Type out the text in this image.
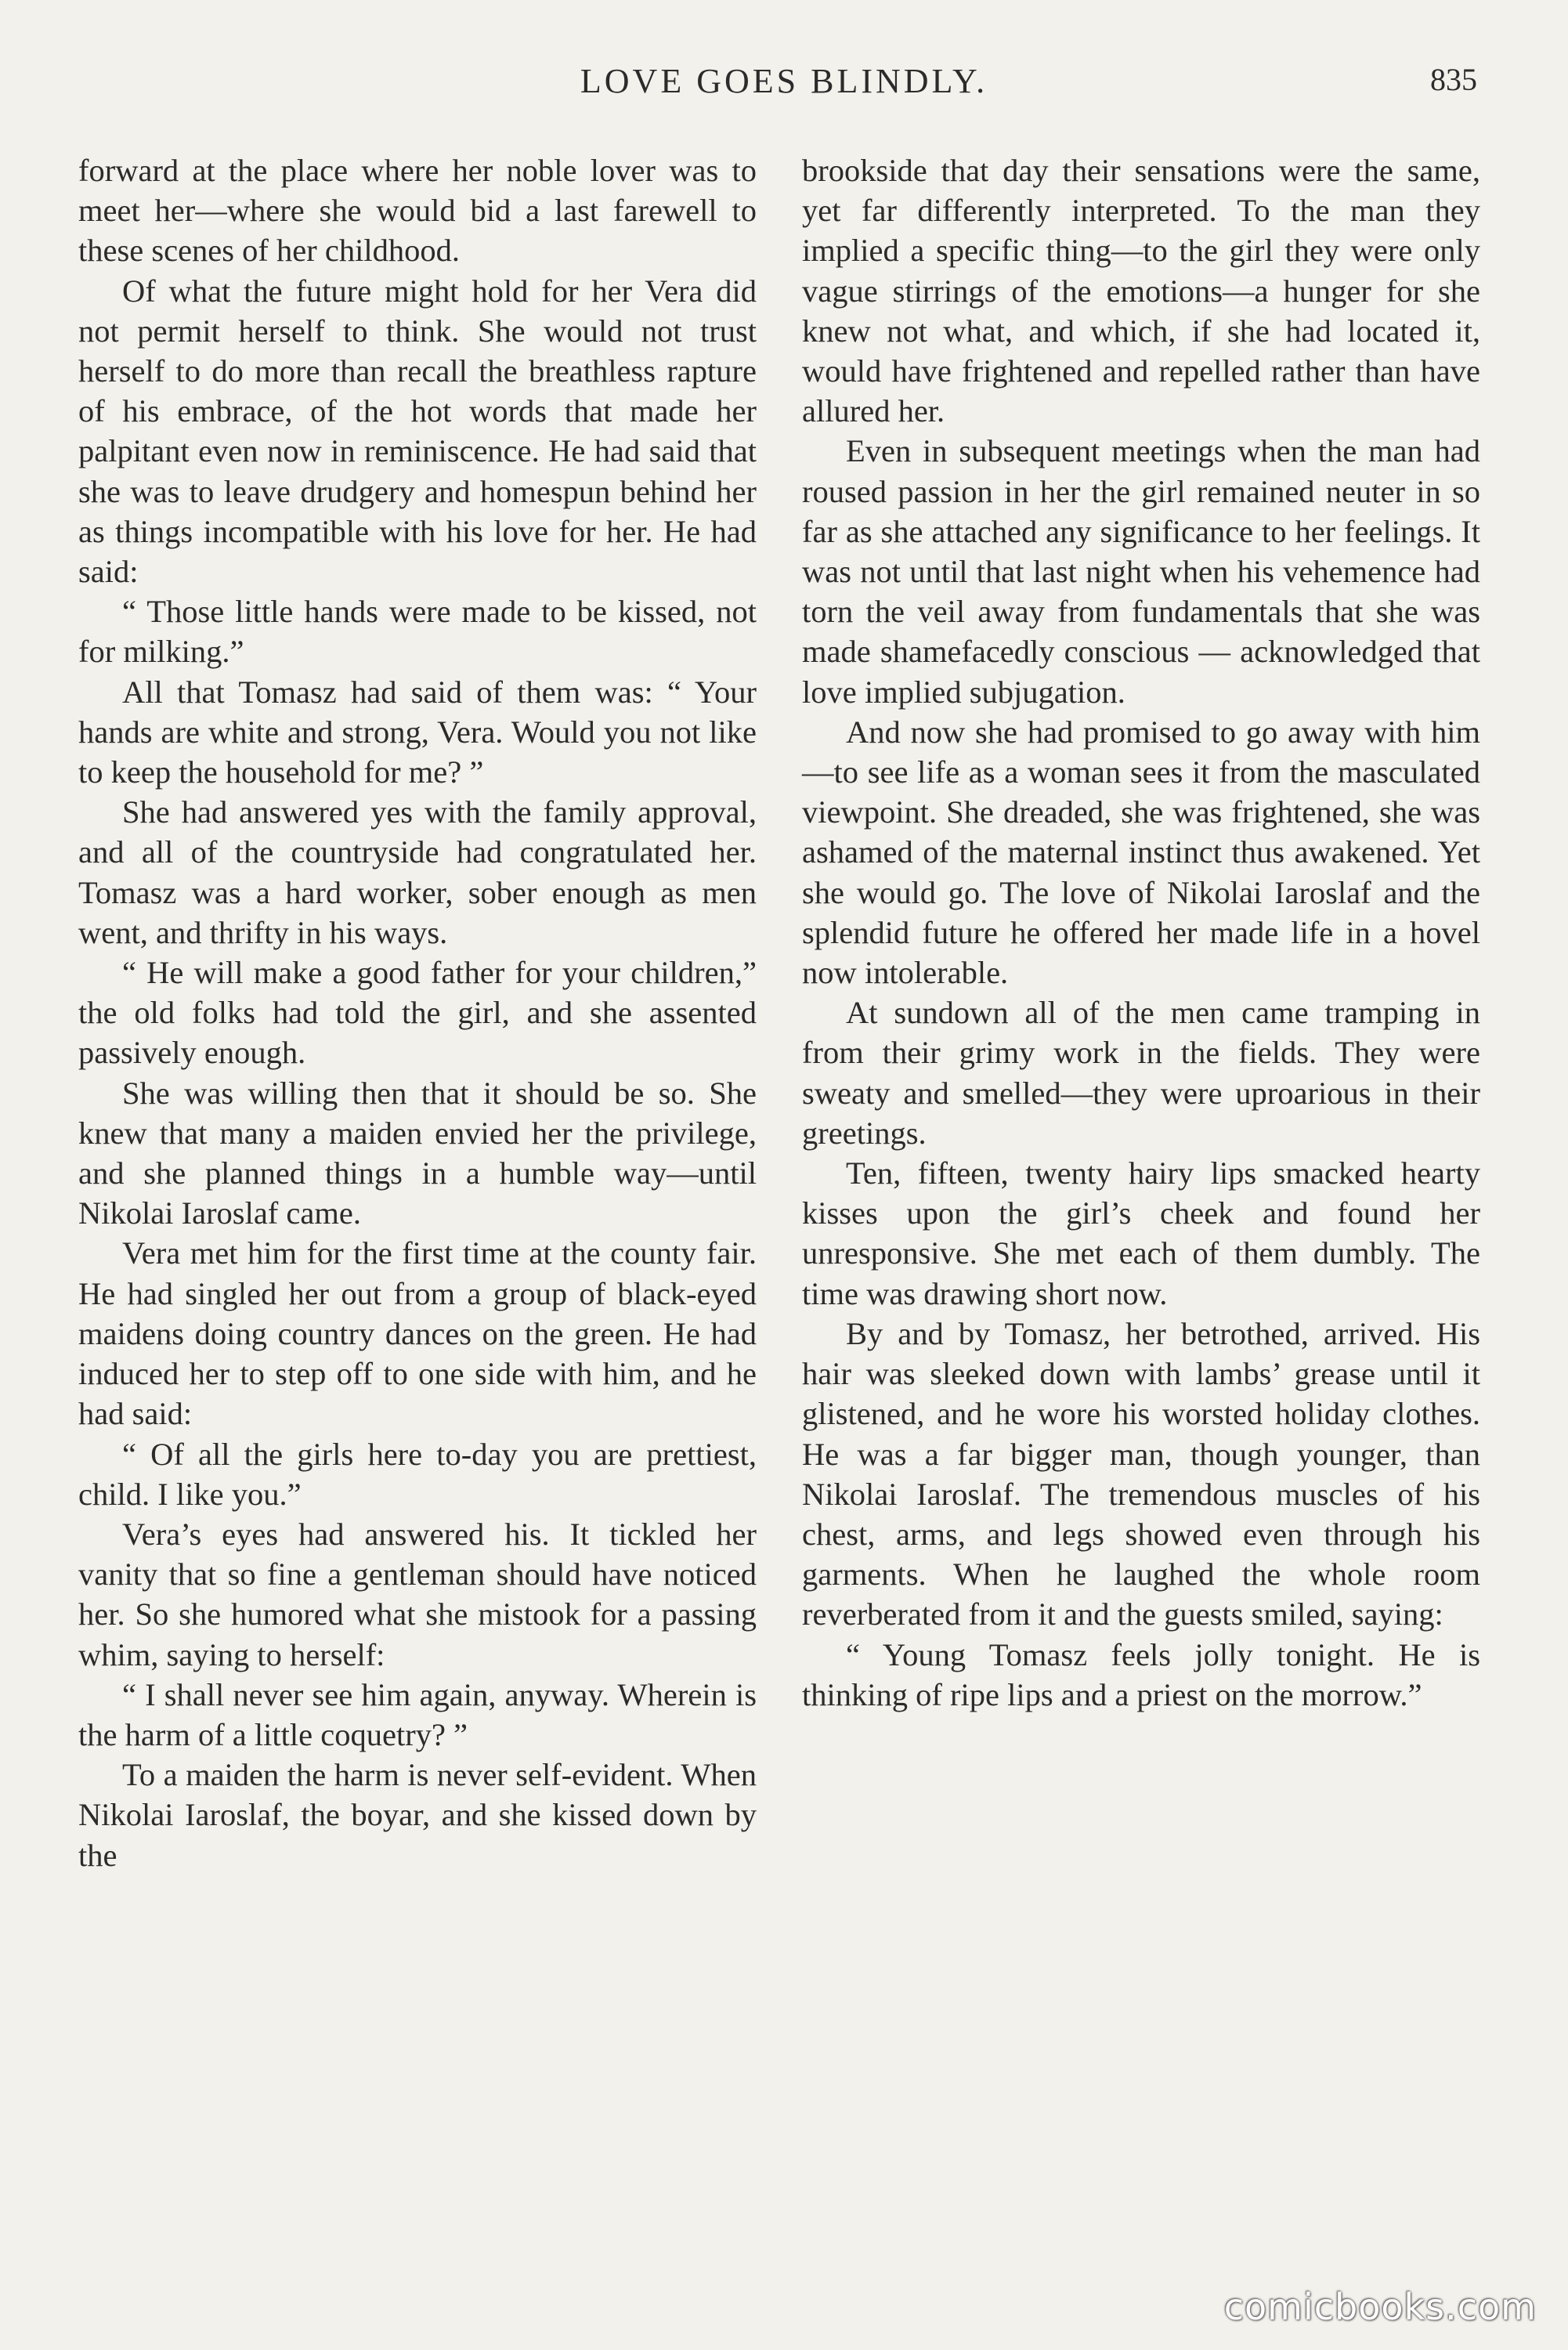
LOVE GOES BLINDLY.	835

forward at the place where her noble lover was to meet her—where she would bid a last farewell to these scenes of her childhood.

Of what the future might hold for her Vera did not permit herself to think. She would not trust herself to do more than recall the breathless rapture of his embrace, of the hot words that made her palpitant even now in reminiscence. He had said that she was to leave drudgery and homespun behind her as things incompatible with his love for her. He had said:

“ Those little hands were made to be kissed, not for milking.”

All that Tomasz had said of them was: “ Your hands are white and strong, Vera. Would you not like to keep the household for me? ”

She had answered yes with the family approval, and all of the countryside had congratulated her. Tomasz was a hard worker, sober enough as men went, and thrifty in his ways.

“ He will make a good father for your children,” the old folks had told the girl, and she assented passively enough.

She was willing then that it should be so. She knew that many a maiden envied her the privilege, and she planned things in a humble way—until Nikolai Iaroslaf came.

Vera met him for the first time at the county fair. He had singled her out from a group of black-eyed maidens doing country dances on the green. He had induced her to step off to one side with him, and he had said:

“ Of all the girls here to-day you are prettiest, child. I like you.”

Vera’s eyes had answered his. It tickled her vanity that so fine a gentleman should have noticed her. So she humored what she mistook for a passing whim, saying to herself:

“ I shall never see him again, anyway. Wherein is the harm of a little coquetry? ”

To a maiden the harm is never self-evident. When Nikolai Iaroslaf, the boyar, and she kissed down by the

brookside that day their sensations were the same, yet far differently interpreted. To the man they implied a specific thing—to the girl they were only vague stirrings of the emotions—a hunger for she knew not what, and which, if she had located it, would have frightened and repelled rather than have allured her.

Even in subsequent meetings when the man had roused passion in her the girl remained neuter in so far as she attached any significance to her feelings. It was not until that last night when his vehemence had torn the veil away from fundamentals that she was made shamefacedly conscious — acknowledged that love implied subjugation.

And now she had promised to go away with him—to see life as a woman sees it from the masculated viewpoint. She dreaded, she was frightened, she was ashamed of the maternal instinct thus awakened. Yet she would go. The love of Nikolai Iaroslaf and the splendid future he offered her made life in a hovel now intolerable.

At sundown all of the men came tramping in from their grimy work in the fields. They were sweaty and smelled—they were uproarious in their greetings.

Ten, fifteen, twenty hairy lips smacked hearty kisses upon the girl’s cheek and found her unresponsive. She met each of them dumbly. The time was drawing short now.

By and by Tomasz, her betrothed, arrived. His hair was sleeked down with lambs’ grease until it glistened, and he wore his worsted holiday clothes. He was a far bigger man, though younger, than Nikolai Iaroslaf. The tremendous muscles of his chest, arms, and legs showed even through his garments. When he laughed the whole room reverberated from it and the guests smiled, saying:

“ Young Tomasz feels jolly tonight. He is thinking of ripe lips and a priest on the morrow.”

comicbooks.com
